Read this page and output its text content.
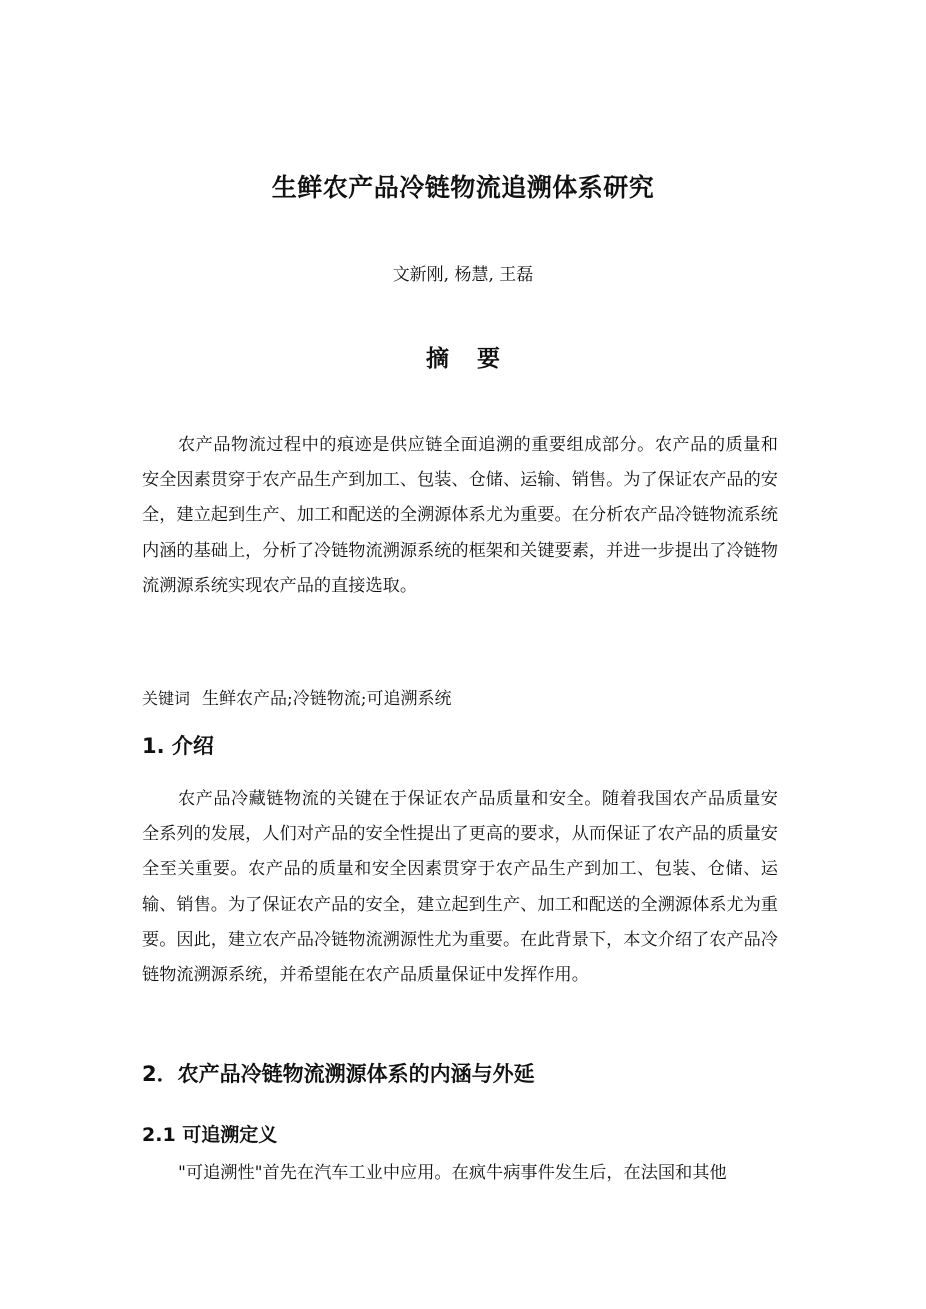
生鲜农产品冷链物流追溯体系研究
文新刚, 杨慧, 王磊
摘要

农产品物流过程中的痕迹是供应链全面追溯的重要组成部分。农产品的质量和安全因素贯穿于农产品生产到加工、包装、仓储、运输、销售。为了保证农产品的安全，建立起到生产、加工和配送的全溯源体系尤为重要。在分析农产品冷链物流系统内涵的基础上，分析了冷链物流溯源系统的框架和关键要素，并进一步提出了冷链物流溯源系统实现农产品的直接选取。

关键词 生鲜农产品;冷链物流;可追溯系统
1. 介绍

农产品冷藏链物流的关键在于保证农产品质量和安全。随着我国农产品质量安全系列的发展，人们对产品的安全性提出了更高的要求，从而保证了农产品的质量安全至关重要。农产品的质量和安全因素贯穿于农产品生产到加工、包装、仓储、运输、销售。为了保证农产品的安全，建立起到生产、加工和配送的全溯源体系尤为重要。因此，建立农产品冷链物流溯源性尤为重要。在此背景下，本文介绍了农产品冷链物流溯源系统，并希望能在农产品质量保证中发挥作用。

2．农产品冷链物流溯源体系的内涵与外延
2.1 可追溯定义

"可追溯性"首先在汽车工业中应用。在疯牛病事件发生后，在法国和其他
